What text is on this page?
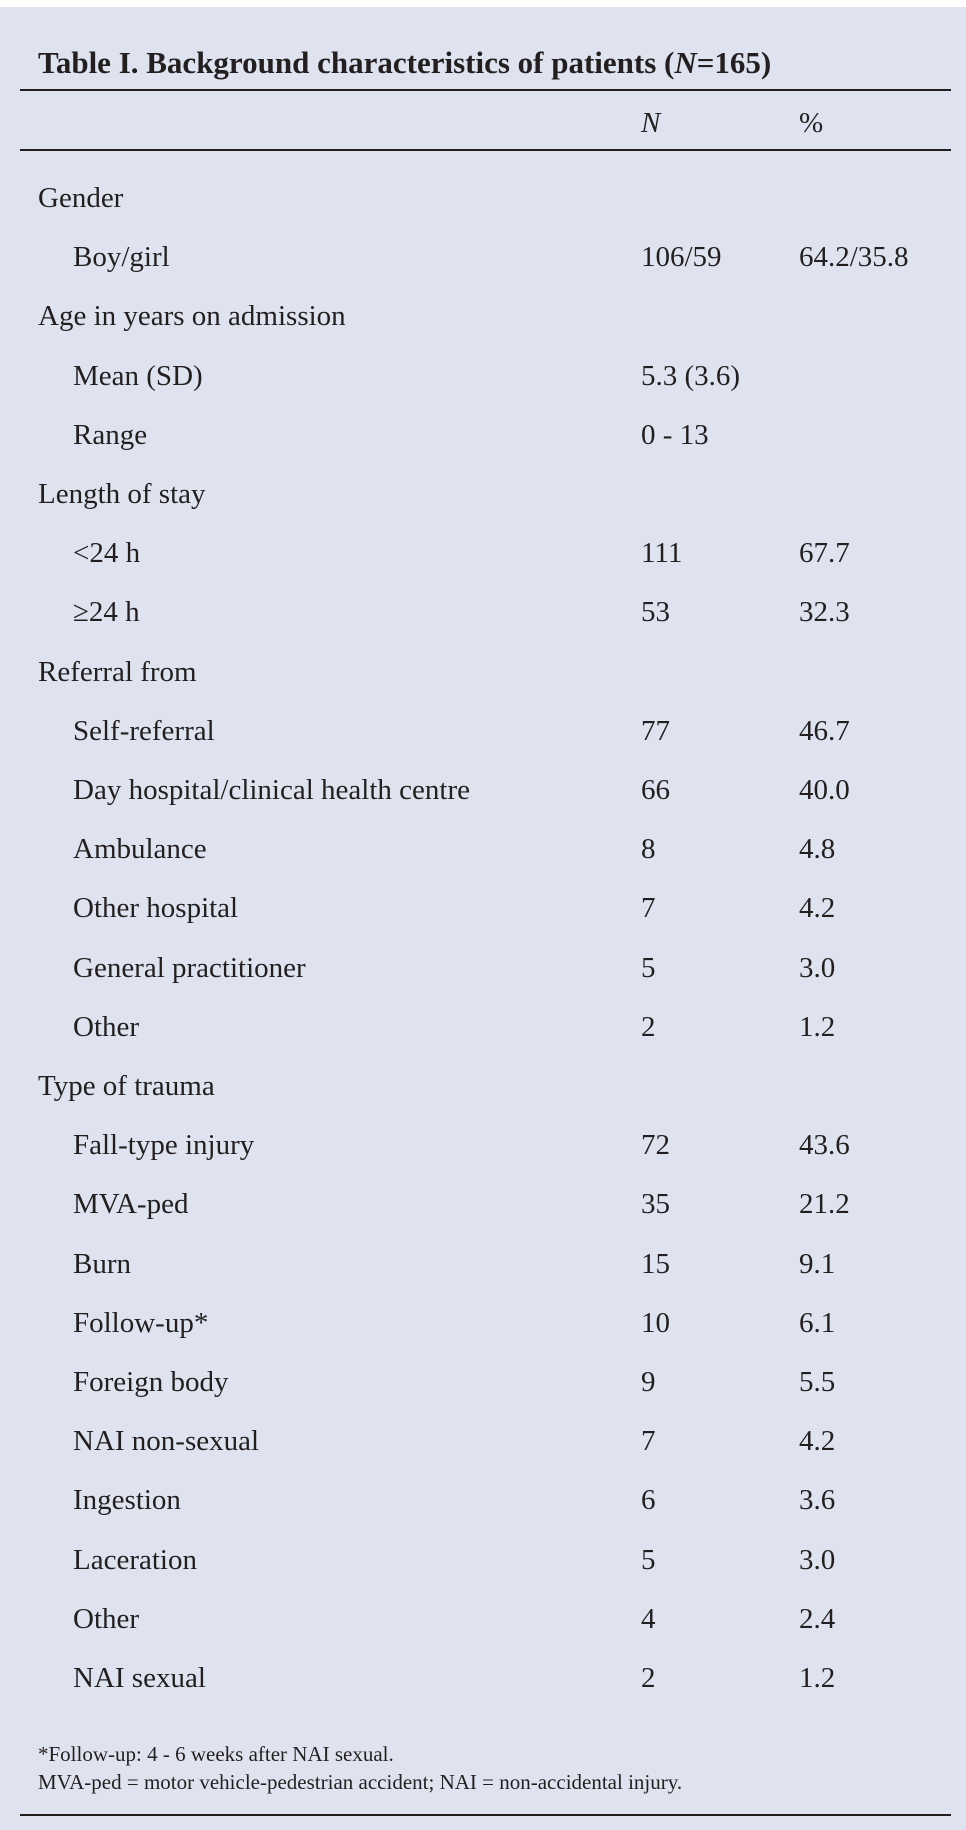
Table I. Background characteristics of patients (N=165)
N	%
Gender
Boy/girl	106/59	64.2/35.8
Age in years on admission
Mean (SD)	5.3 (3.6)
Range	0 - 13
Length of stay
<24 h	111	67.7
≥24 h	53	32.3
Referral from
Self-referral	77	46.7
Day hospital/clinical health centre	66	40.0
Ambulance	8	4.8
Other hospital	7	4.2
General practitioner	5	3.0
Other	2	1.2
Type of trauma
Fall-type injury	72	43.6
MVA-ped	35	21.2
Burn	15	9.1
Follow-up*	10	6.1
Foreign body	9	5.5
NAI non-sexual	7	4.2
Ingestion	6	3.6
Laceration	5	3.0
Other	4	2.4
NAI sexual	2	1.2
*Follow-up: 4 - 6 weeks after NAI sexual.
MVA-ped = motor vehicle-pedestrian accident; NAI = non-accidental injury.
